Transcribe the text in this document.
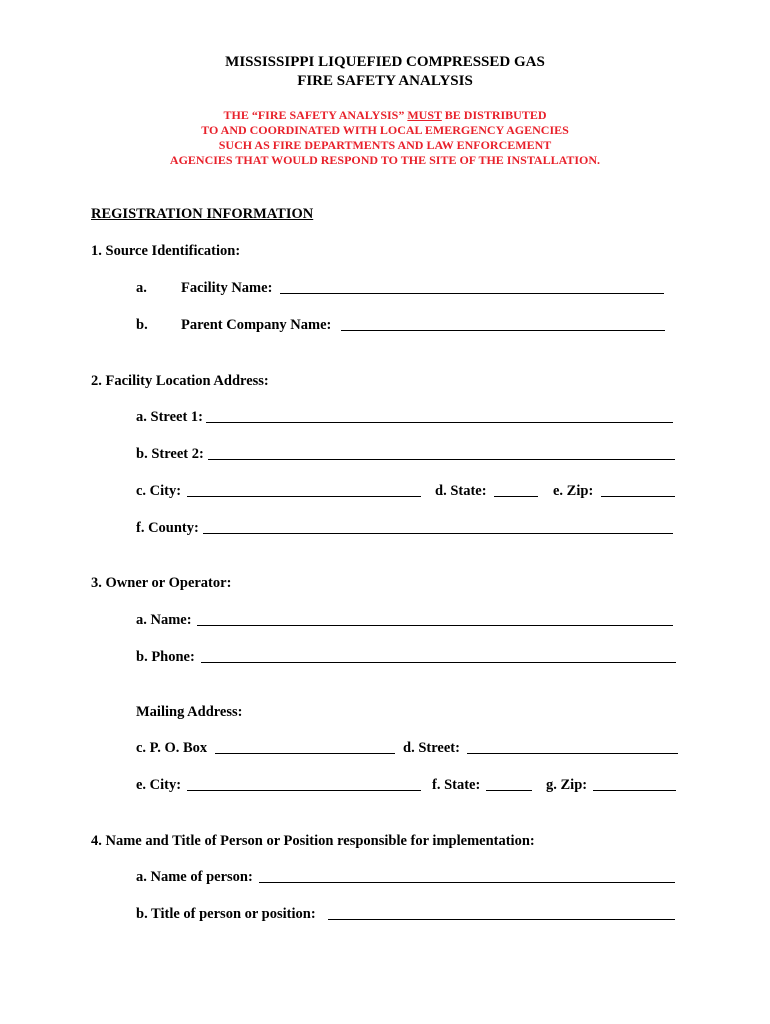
MISSISSIPPI LIQUEFIED COMPRESSED GAS
FIRE SAFETY ANALYSIS
THE “FIRE SAFETY ANALYSIS” MUST BE DISTRIBUTED
TO AND COORDINATED WITH LOCAL EMERGENCY AGENCIES
SUCH AS FIRE DEPARTMENTS AND LAW ENFORCEMENT
AGENCIES THAT WOULD RESPOND TO THE SITE OF THE INSTALLATION.
REGISTRATION INFORMATION
1. Source Identification:
a. Facility Name:
b. Parent Company Name:
2. Facility Location Address:
a. Street 1:
b. Street 2:
c. City:	d. State:	e. Zip:
f. County:
3. Owner or Operator:
a. Name:
b. Phone:
Mailing Address:
c. P. O. Box	d. Street:
e. City:	f. State:	g. Zip:
4. Name and Title of Person or Position responsible for implementation:
a. Name of person:
b. Title of person or position:
